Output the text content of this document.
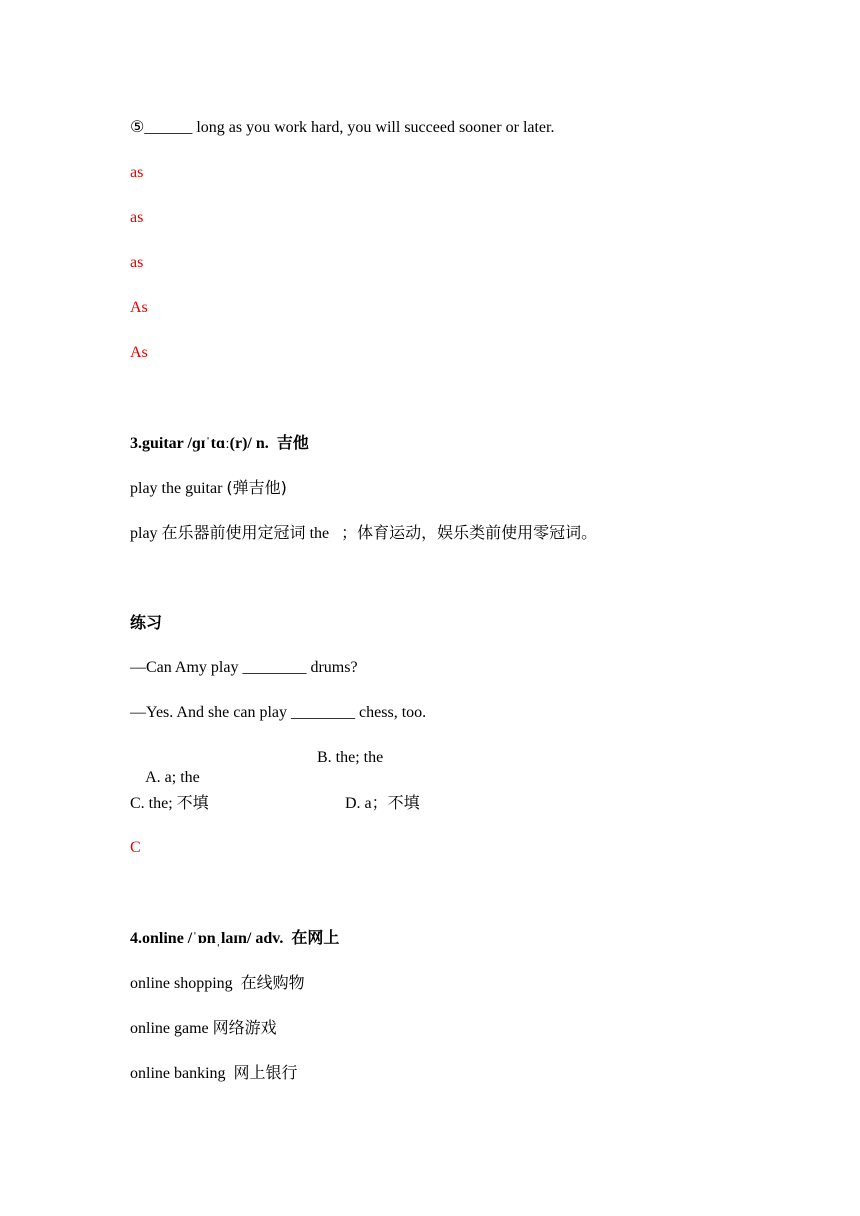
⑤______ long as you work hard, you will succeed sooner or later.
as
as
as
As
As
3.guitar /ɡɪˈtɑː(r)/ n. 吉他
play the guitar (弹吉他)
play 在乐器前使用定冠词 the   ；体育运动，娱乐类前使用零冠词。
练习
—Can Amy play ________ drums?
—Yes. And she can play ________ chess, too.

A. a; the

B. the; the
C. the; 不填	D. a；不填
C
4.online /ˈɒnˌlaɪn/ adv. 在网上
online shopping  在线购物
online game 网络游戏
online banking  网上银行
